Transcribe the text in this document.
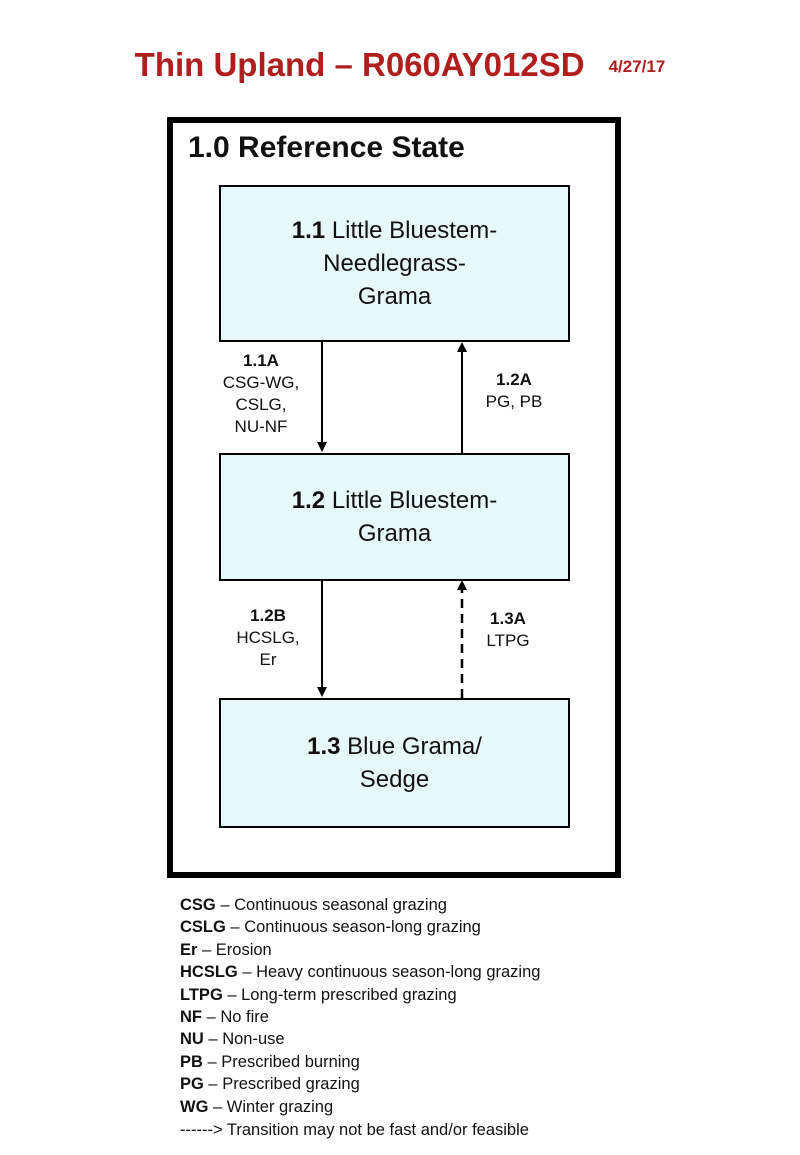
Thin Upland – R060AY012SD 4/27/17
1.0 Reference State
1.1 Little Bluestem-
Needlegrass-
Grama
1.2 Little Bluestem-
Grama
1.3 Blue Grama/
Sedge
1.1A
CSG-WG,
CSLG,
NU-NF
1.2A
PG, PB
1.2B
HCSLG,
Er
1.3A
LTPG
CSG – Continuous seasonal grazing
CSLG – Continuous season-long grazing
Er – Erosion
HCSLG – Heavy continuous season-long grazing
LTPG – Long-term prescribed grazing
NF – No fire
NU – Non-use
PB – Prescribed burning
PG – Prescribed grazing
WG – Winter grazing
------> Transition may not be fast and/or feasible
